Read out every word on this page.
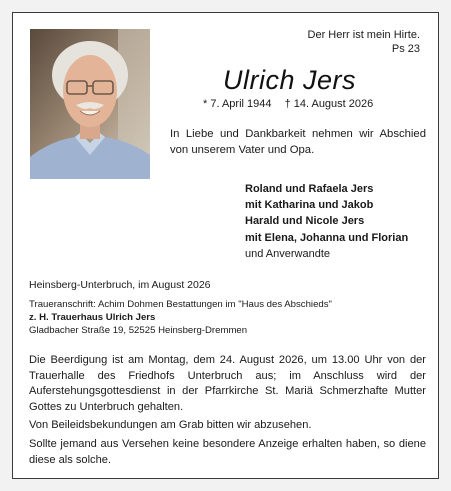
Der Herr ist mein Hirte.
Ps 23
Ulrich Jers
* 7. April 1944 † 14. August 2026
In Liebe und Dankbarkeit nehmen wir Abschied von unserem Vater und Opa.
Roland und Rafaela Jers
mit Katharina und Jakob
Harald und Nicole Jers
mit Elena, Johanna und Florian
und Anverwandte
Heinsberg-Unterbruch, im August 2026
Traueranschrift: Achim Dohmen Bestattungen im "Haus des Abschieds"
z. H. Trauerhaus Ulrich Jers
Gladbacher Straße 19, 52525 Heinsberg-Dremmen

Die Beerdigung ist am Montag, dem 24. August 2026, um 13.00 Uhr von der Trauerhalle des Friedhofs Unterbruch aus; im Anschluss wird der Auferstehungsgottesdienst in der Pfarrkirche St. Mariä Schmerzhafte Mutter Gottes zu Unterbruch gehalten.

Von Beileidsbekundungen am Grab bitten wir abzusehen.

Sollte jemand aus Versehen keine besondere Anzeige erhalten haben, so diene diese als solche.
